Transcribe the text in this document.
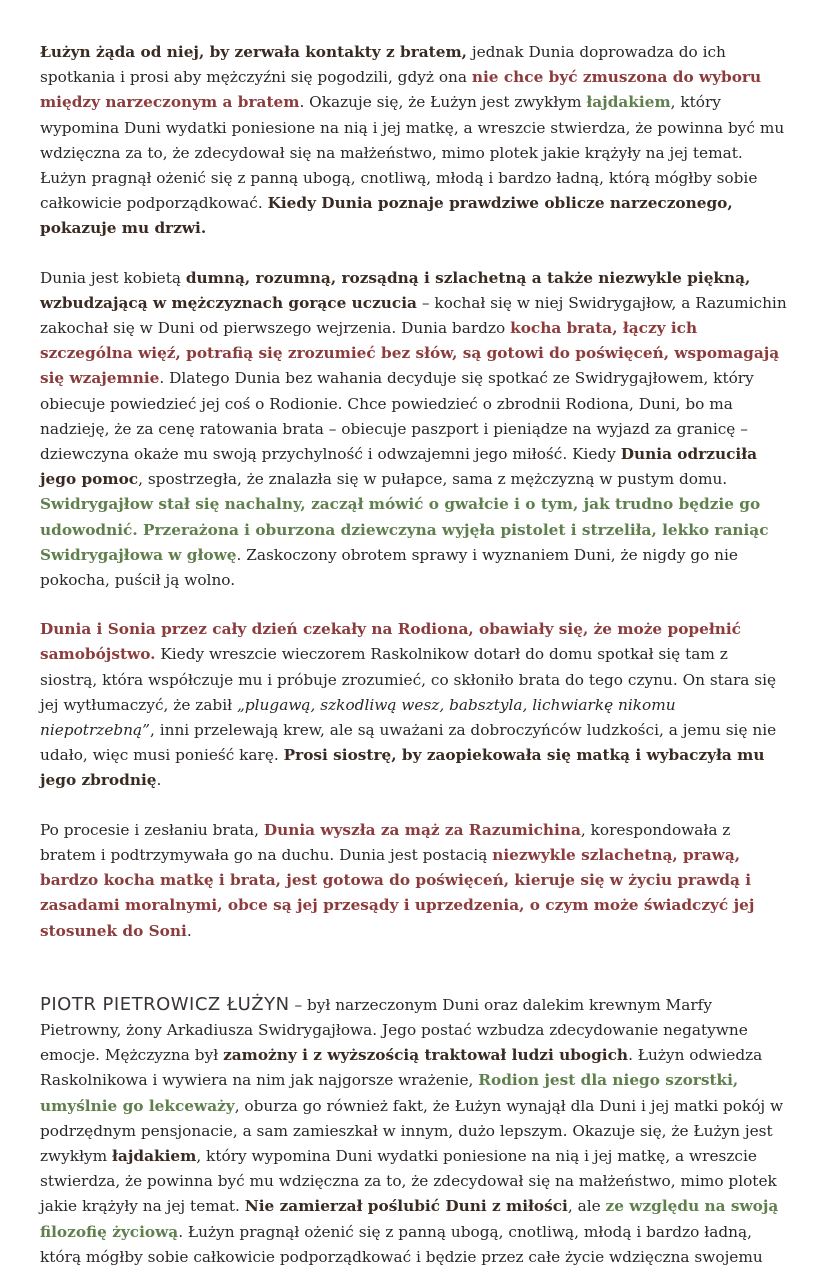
Łużyn żąda od niej, by zerwała kontakty z bratem, jednak Dunia doprowadza do ich spotkania i prosi aby mężczyźni się pogodzili, gdyż ona nie chce być zmuszona do wyboru między narzeczonym a bratem. Okazuje się, że Łużyn jest zwykłym łajdakiem, który wypomina Duni wydatki poniesione na nią i jej matkę, a wreszcie stwierdza, że powinna być mu wdzięczna za to, że zdecydował się na małżeństwo, mimo plotek jakie krążyły na jej temat. Łużyn pragnął ożenić się z panną ubogą, cnotliwą, młodą i bardzo ładną, którą mógłby sobie całkowicie podporządkować. Kiedy Dunia poznaje prawdziwe oblicze narzeczonego, pokazuje mu drzwi.

Dunia jest kobietą dumną, rozumną, rozsądną i szlachetną a także niezwykle piękną, wzbudzającą w mężczyznach gorące uczucia – kochał się w niej Swidrygajłow, a Razumichin zakochał się w Duni od pierwszego wejrzenia. Dunia bardzo kocha brata, łączy ich szczególna więź, potrafią się zrozumieć bez słów, są gotowi do poświęceń, wspomagają się wzajemnie. Dlatego Dunia bez wahania decyduje się spotkać ze Swidrygajłowem, który obiecuje powiedzieć jej coś o Rodionie. Chce powiedzieć o zbrodnii Rodiona, Duni, bo ma nadzieję, że za cenę ratowania brata – obiecuje paszport i pieniądze na wyjazd za granicę – dziewczyna okaże mu swoją przychylność i odwzajemni jego miłość. Kiedy Dunia odrzuciła jego pomoc, spostrzegła, że znalazła się w pułapce, sama z mężczyzną w pustym domu. Swidrygajłow stał się nachalny, zaczął mówić o gwałcie i o tym, jak trudno będzie go udowodnić. Przerażona i oburzona dziewczyna wyjęła pistolet i strzeliła, lekko raniąc Swidrygajłowa w głowę. Zaskoczony obrotem sprawy i wyznaniem Duni, że nigdy go nie pokocha, puścił ją wolno.

Dunia i Sonia przez cały dzień czekały na Rodiona, obawiały się, że może popełnić samobójstwo. Kiedy wreszcie wieczorem Raskolnikow dotarł do domu spotkał się tam z siostrą, która współczuje mu i próbuje zrozumieć, co skłoniło brata do tego czynu. On stara się jej wytłumaczyć, że zabił „plugawą, szkodliwą wesz, babsztyla, lichwiarkę nikomu niepotrzebną”, inni przelewają krew, ale są uważani za dobroczyńców ludzkości, a jemu się nie udało, więc musi ponieść karę. Prosi siostrę, by zaopiekowała się matką i wybaczyła mu jego zbrodnię.

Po procesie i zesłaniu brata, Dunia wyszła za mąż za Razumichina, korespondowała z bratem i podtrzymywała go na duchu. Dunia jest postacią niezwykle szlachetną, prawą, bardzo kocha matkę i brata, jest gotowa do poświęceń, kieruje się w życiu prawdą i zasadami moralnymi, obce są jej przesądy i uprzedzenia, o czym może świadczyć jej stosunek do Soni.

PIOTR PIETROWICZ ŁUŻYN – był narzeczonym Duni oraz dalekim krewnym Marfy Pietrowny, żony Arkadiusza Swidrygajłowa. Jego postać wzbudza zdecydowanie negatywne emocje. Mężczyzna był zamożny i z wyższością traktował ludzi ubogich. Łużyn odwiedza Raskolnikowa i wywiera na nim jak najgorsze wrażenie, Rodion jest dla niego szorstki, umyślnie go lekceważy, oburza go również fakt, że Łużyn wynajął dla Duni i jej matki pokój w podrzędnym pensjonacie, a sam zamieszkał w innym, dużo lepszym. Okazuje się, że Łużyn jest zwykłym łajdakiem, który wypomina Duni wydatki poniesione na nią i jej matkę, a wreszcie stwierdza, że powinna być mu wdzięczna za to, że zdecydował się na małżeństwo, mimo plotek jakie krążyły na jej temat. Nie zamierzał poślubić Duni z miłości, ale ze względu na swoją filozofię życiową. Łużyn pragnął ożenić się z panną ubogą, cnotliwą, młodą i bardzo ładną, którą mógłby sobie całkowicie podporządkować i będzie przez całe życie wdzięczna swojemu
